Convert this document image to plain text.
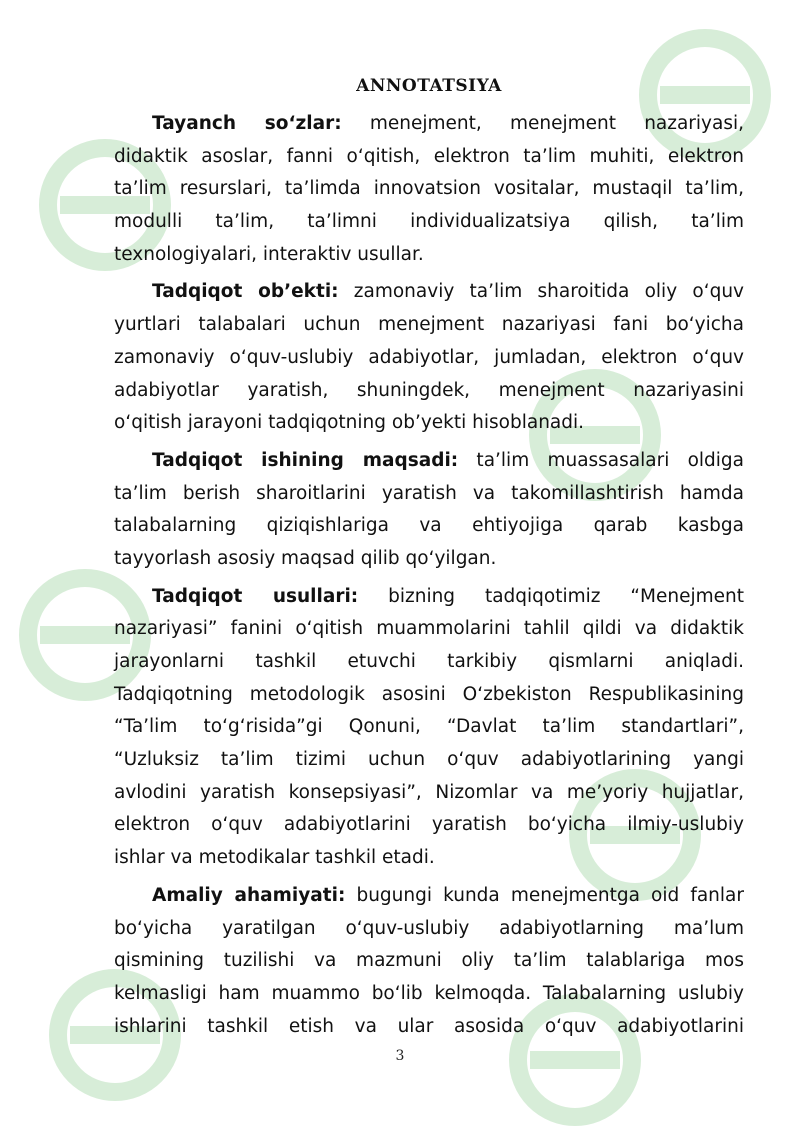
ANNOTATSIYA
Tayanch so‘zlar: menejment, menejment nazariyasi,
didaktik asoslar, fanni o‘qitish, elektron ta’lim muhiti, elektron
ta’lim resurslari, ta’limda innovatsion vositalar, mustaqil ta’lim,
modulli ta’lim, ta’limni individualizatsiya qilish, ta’lim
texnologiyalari, interaktiv usullar.
Tadqiqot ob’ekti: zamonaviy ta’lim sharoitida oliy o‘quv
yurtlari talabalari uchun menejment nazariyasi fani bo‘yicha
zamonaviy o‘quv-uslubiy adabiyotlar, jumladan, elektron o‘quv
adabiyotlar yaratish, shuningdek, menejment nazariyasini
o‘qitish jarayoni tadqiqotning ob’yekti hisoblanadi.
Tadqiqot ishining maqsadi: ta’lim muassasalari oldiga
ta’lim berish sharoitlarini yaratish va takomillashtirish hamda
talabalarning qiziqishlariga va ehtiyojiga qarab kasbga
tayyorlash asosiy maqsad qilib qo‘yilgan.
Tadqiqot usullari: bizning tadqiqotimiz “Menejment
nazariyasi” fanini o‘qitish muammolarini tahlil qildi va didaktik
jarayonlarni tashkil etuvchi tarkibiy qismlarni aniqladi.
Tadqiqotning metodologik asosini O‘zbekiston Respublikasining
“Ta’lim to‘g‘risida”gi Qonuni, “Davlat ta’lim standartlari”,
“Uzluksiz ta’lim tizimi uchun o‘quv adabiyotlarining yangi
avlodini yaratish konsepsiyasi”, Nizomlar va me’yoriy hujjatlar,
elektron o‘quv adabiyotlarini yaratish bo‘yicha ilmiy-uslubiy
ishlar va metodikalar tashkil etadi.
Amaliy ahamiyati: bugungi kunda menejmentga oid fanlar
bo‘yicha yaratilgan o‘quv-uslubiy adabiyotlarning ma’lum
qismining tuzilishi va mazmuni oliy ta’lim talablariga mos
kelmasligi ham muammo bo‘lib kelmoqda. Talabalarning uslubiy
ishlarini tashkil etish va ular asosida o‘quv adabiyotlarini
3
